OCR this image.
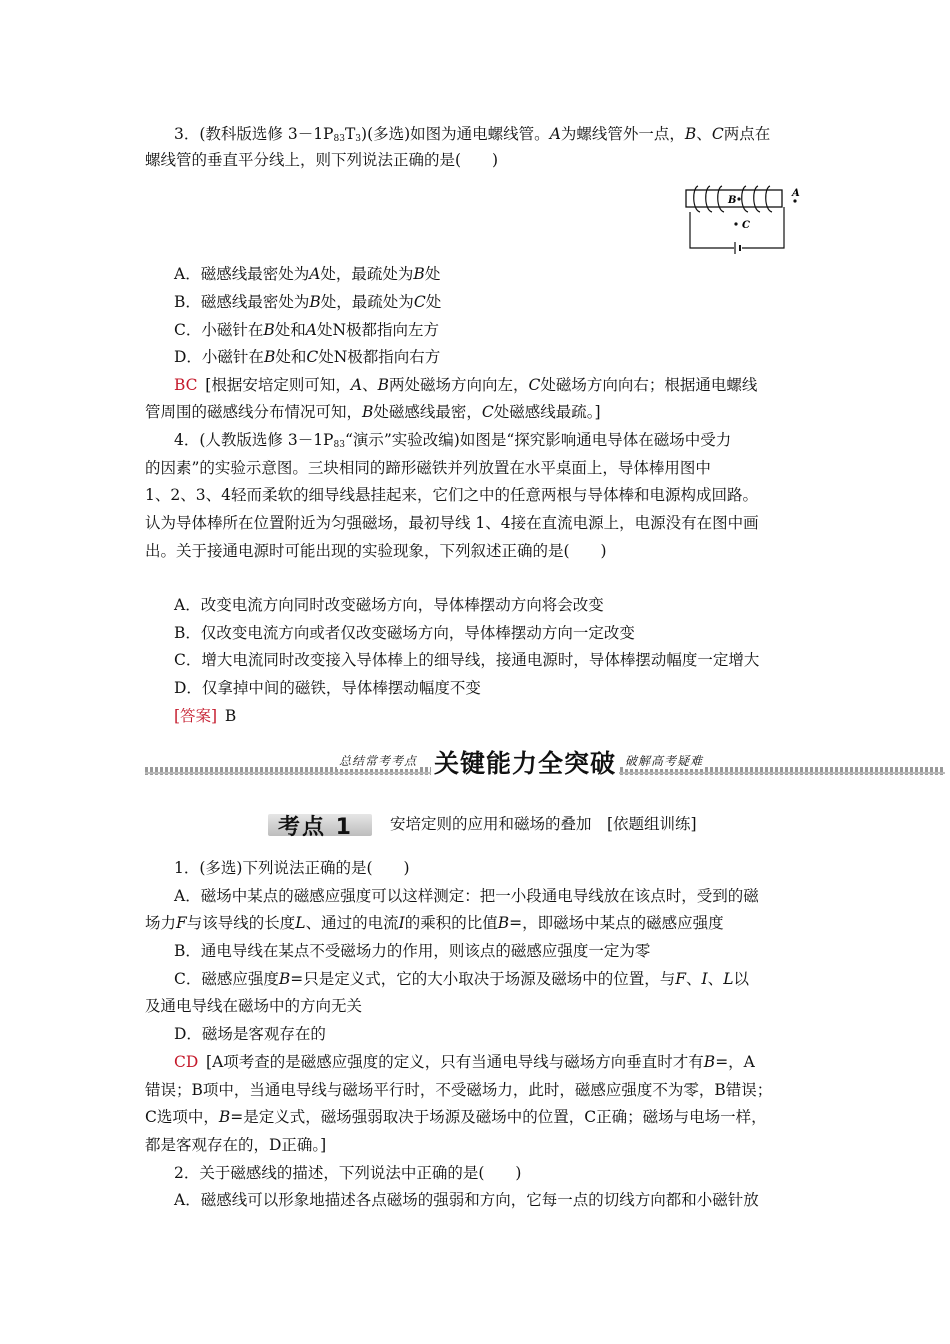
3．(教科版选修 $3-1P_{83}T_3$)(多选)如图为通电螺线管。A为螺线管外一点，B、C两点在
螺线管的垂直平分线上，则下列说法正确的是(　　)
B
A
C
A．磁感线最密处为A处，最疏处为B处
B．磁感线最密处为B处，最疏处为C处
C．小磁针在B处和A处N极都指向左方
D．小磁针在B处和C处N极都指向右方
BC  [根据安培定则可知，A、B两处磁场方向向左，C处磁场方向向右；根据通电螺线
管周围的磁感线分布情况可知，B处磁感线最密，C处磁感线最疏。]
4．(人教版选修 $3-1P_{83}“$演示”实验改编)如图是“探究影响通电导体在磁场中受力
的因素”的实验示意图。三块相同的蹄形磁铁并列放置在水平桌面上，导体棒用图中
1、2、3、4轻而柔软的细导线悬挂起来，它们之中的任意两根与导体棒和电源构成回路。
认为导体棒所在位置附近为匀强磁场，最初导线 1、4接在直流电源上，电源没有在图中画
出。关于接通电源时可能出现的实验现象，下列叙述正确的是(　　)
A．改变电流方向同时改变磁场方向，导体棒摆动方向将会改变
B．仅改变电流方向或者仅改变磁场方向，导体棒摆动方向一定改变
C．增大电流同时改变接入导体棒上的细导线，接通电源时，导体棒摆动幅度一定增大
D．仅拿掉中间的磁铁，导体棒摆动幅度不变
[答案]  B
总结常考考点 关键能力全突破 破解高考疑难
考点 1 安培定则的应用和磁场的叠加　[依题组训练]
1．(多选)下列说法正确的是(　　)
A．磁场中某点的磁感应强度可以这样测定：把一小段通电导线放在该点时，受到的磁
场力F与该导线的长度L、通过的电流I的乘积的比值B=，即磁场中某点的磁感应强度
B．通电导线在某点不受磁场力的作用，则该点的磁感应强度一定为零
C．磁感应强度B=只是定义式，它的大小取决于场源及磁场中的位置，与F、I、L以
及通电导线在磁场中的方向无关
D．磁场是客观存在的
CD  [A项考查的是磁感应强度的定义，只有当通电导线与磁场方向垂直时才有B=，A
错误；B项中，当通电导线与磁场平行时，不受磁场力，此时，磁感应强度不为零，B错误；
C选项中，B=是定义式，磁场强弱取决于场源及磁场中的位置，C正确；磁场与电场一样，
都是客观存在的，D正确。]
2．关于磁感线的描述，下列说法中正确的是(　　)
A．磁感线可以形象地描述各点磁场的强弱和方向，它每一点的切线方向都和小磁针放
